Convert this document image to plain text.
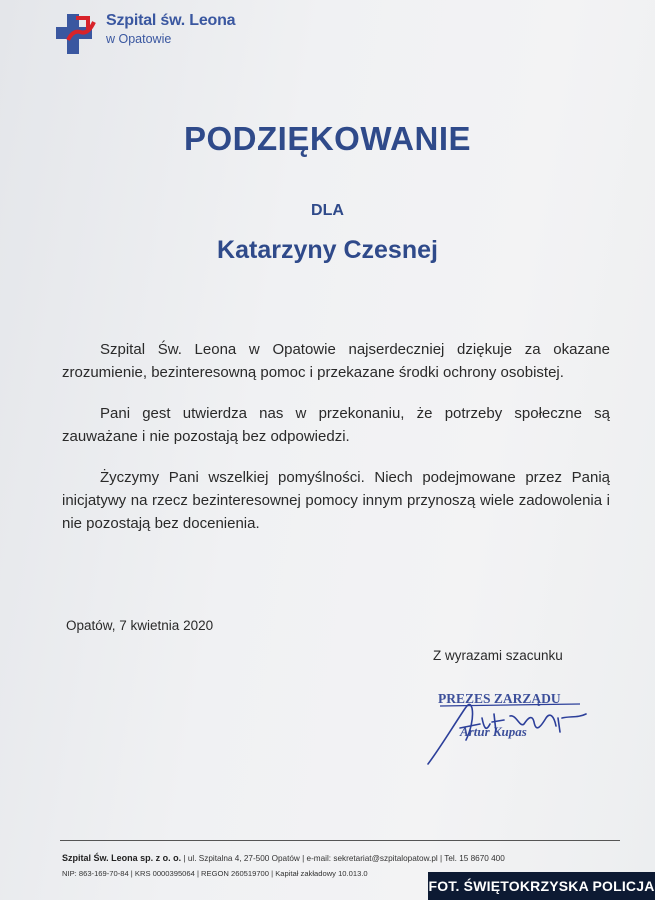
Szpital św. Leona
w Opatowie
PODZIĘKOWANIE
DLA
Katarzyny Czesnej

Szpital Św. Leona w Opatowie najserdeczniej dziękuje za okazane zrozumienie, bezinteresowną pomoc i przekazane środki ochrony osobistej.

Pani gest utwierdza nas w przekonaniu, że potrzeby społeczne są zauważane i nie pozostają bez odpowiedzi.

Życzymy Pani wszelkiej pomyślności. Niech podejmowane przez Panią inicjatywy na rzecz bezinteresownej pomocy innym przynoszą wiele zadowolenia i nie pozostają bez docenienia.

Opatów, 7 kwietnia 2020
Z wyrazami szacunku
PREZES ZARZĄDU
Artur Kupas
Szpital Św. Leona sp. z o. o. | ul. Szpitalna 4, 27-500 Opatów | e-mail: sekretariat@szpitalopatow.pl | Tel. 15 8670 400
NIP: 863-169-70-84 | KRS 0000395064 | REGON 260519700 | Kapitał zakładowy 10.013.0
FOT. ŚWIĘTOKRZYSKA POLICJA
